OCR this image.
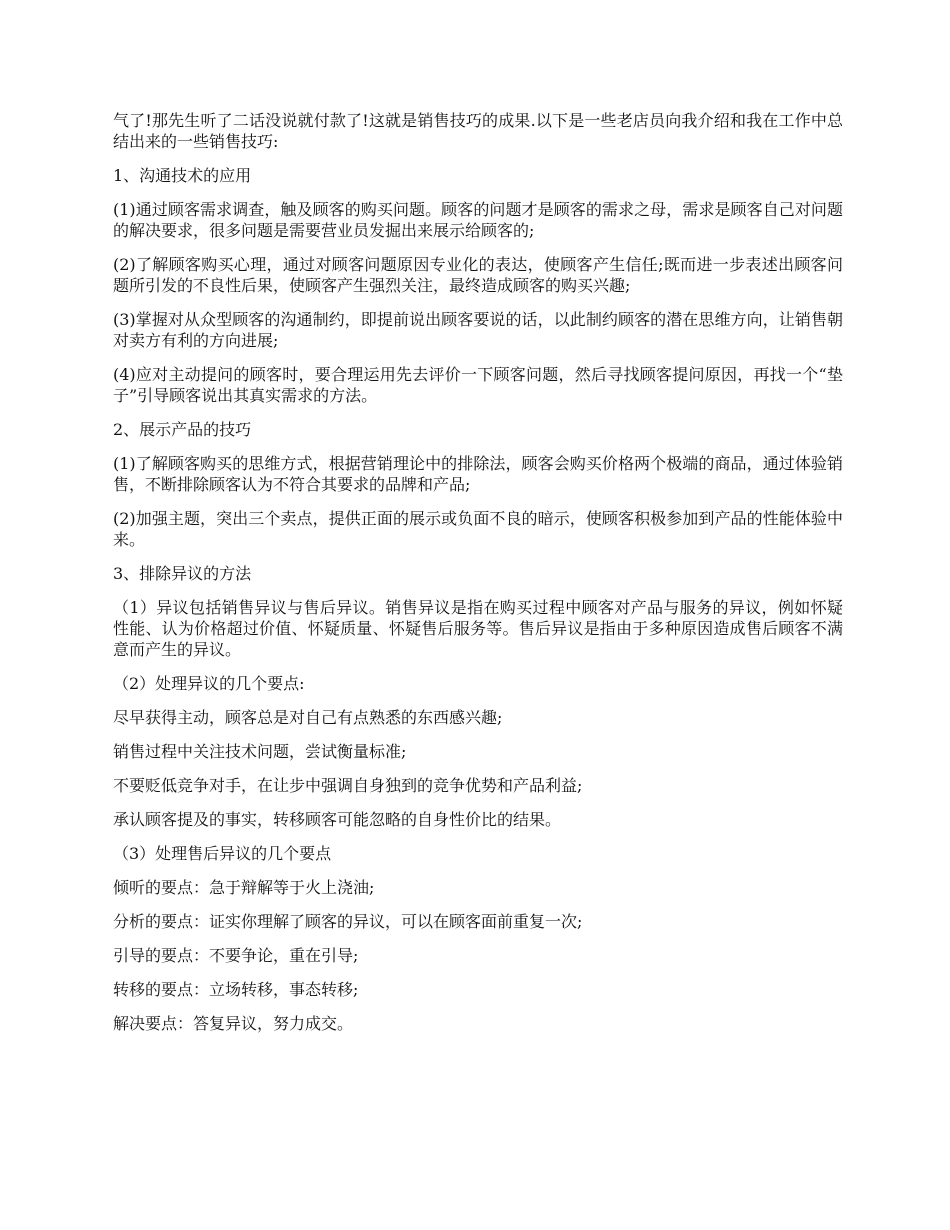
气了!那先生听了二话没说就付款了!这就是销售技巧的成果.以下是一些老店员向我介绍和我在工作中总结出来的一些销售技巧:

1、沟通技术的应用

(1)通过顾客需求调查，触及顾客的购买问题。顾客的问题才是顾客的需求之母，需求是顾客自己对问题的解决要求，很多问题是需要营业员发掘出来展示给顾客的;

(2)了解顾客购买心理，通过对顾客问题原因专业化的表达，使顾客产生信任;既而进一步表述出顾客问题所引发的不良性后果，使顾客产生强烈关注，最终造成顾客的购买兴趣;

(3)掌握对从众型顾客的沟通制约，即提前说出顾客要说的话，以此制约顾客的潜在思维方向，让销售朝对卖方有利的方向进展;

(4)应对主动提问的顾客时，要合理运用先去评价一下顾客问题，然后寻找顾客提问原因，再找一个“垫子”引导顾客说出其真实需求的方法。

2、展示产品的技巧

(1)了解顾客购买的思维方式，根据营销理论中的排除法，顾客会购买价格两个极端的商品，通过体验销售，不断排除顾客认为不符合其要求的品牌和产品;

(2)加强主题，突出三个卖点，提供正面的展示或负面不良的暗示，使顾客积极参加到产品的性能体验中来。

3、排除异议的方法

（1）异议包括销售异议与售后异议。销售异议是指在购买过程中顾客对产品与服务的异议，例如怀疑性能、认为价格超过价值、怀疑质量、怀疑售后服务等。售后异议是指由于多种原因造成售后顾客不满意而产生的异议。

（2）处理异议的几个要点:

尽早获得主动，顾客总是对自己有点熟悉的东西感兴趣;

销售过程中关注技术问题，尝试衡量标准;

不要贬低竞争对手，在让步中强调自身独到的竞争优势和产品利益;

承认顾客提及的事实，转移顾客可能忽略的自身性价比的结果。

（3）处理售后异议的几个要点

倾听的要点：急于辩解等于火上浇油;

分析的要点：证实你理解了顾客的异议，可以在顾客面前重复一次;

引导的要点：不要争论，重在引导;

转移的要点：立场转移，事态转移;

解决要点：答复异议，努力成交。
